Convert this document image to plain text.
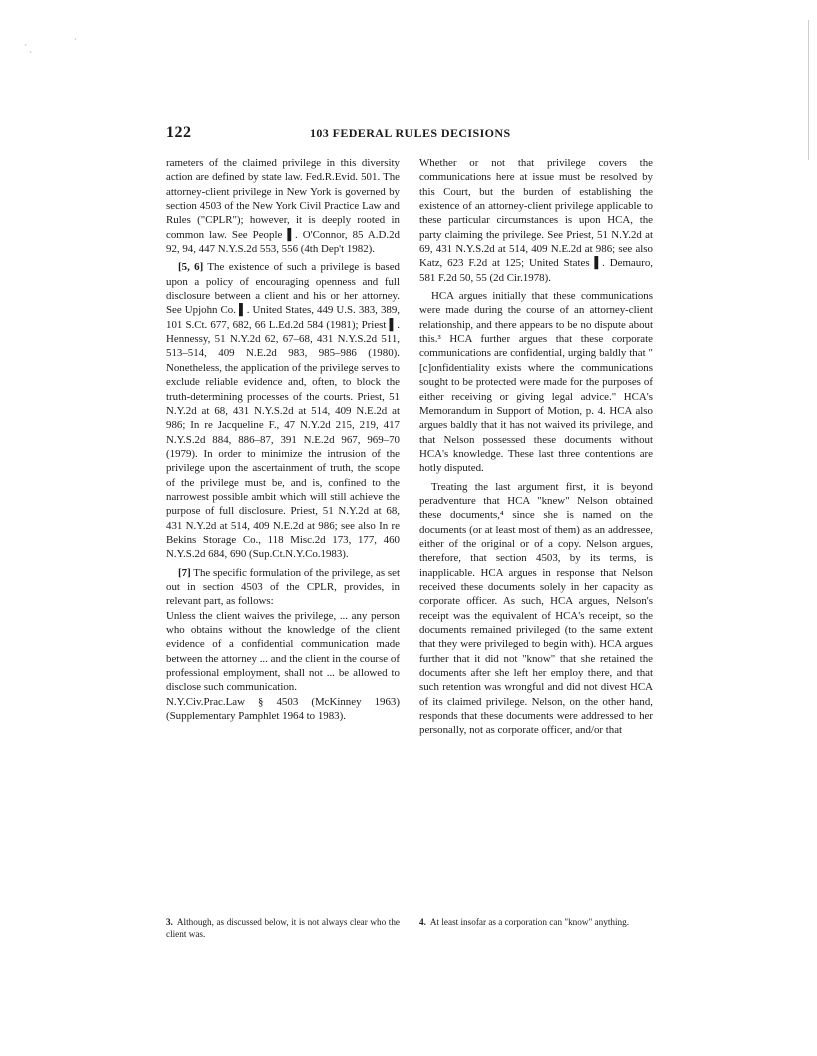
ˊ ˎ
ˊ
122	103 FEDERAL RULES DECISIONS

rameters of the claimed privilege in this diversity action are defined by state law. Fed.R.Evid. 501. The attorney-client privilege in New York is governed by section 4503 of the New York Civil Practice Law and Rules ("CPLR"); however, it is deeply rooted in common law. See People ▌. O'Connor, 85 A.D.2d 92, 94, 447 N.Y.S.2d 553, 556 (4th Dep't 1982).

[5, 6] The existence of such a privilege is based upon a policy of encouraging openness and full disclosure between a client and his or her attorney. See Upjohn Co. ▌. United States, 449 U.S. 383, 389, 101 S.Ct. 677, 682, 66 L.Ed.2d 584 (1981); Priest ▌. Hennessy, 51 N.Y.2d 62, 67–68, 431 N.Y.S.2d 511, 513–514, 409 N.E.2d 983, 985–986 (1980). Nonetheless, the application of the privilege serves to exclude reliable evidence and, often, to block the truth-determining processes of the courts. Priest, 51 N.Y.2d at 68, 431 N.Y.S.2d at 514, 409 N.E.2d at 986; In re Jacqueline F., 47 N.Y.2d 215, 219, 417 N.Y.S.2d 884, 886–87, 391 N.E.2d 967, 969–70 (1979). In order to minimize the intrusion of the privilege upon the ascertainment of truth, the scope of the privilege must be, and is, confined to the narrowest possible ambit which will still achieve the purpose of full disclosure. Priest, 51 N.Y.2d at 68, 431 N.Y.2d at 514, 409 N.E.2d at 986; see also In re Bekins Storage Co., 118 Misc.2d 173, 177, 460 N.Y.S.2d 684, 690 (Sup.Ct.N.Y.Co.1983).

[7] The specific formulation of the privilege, as set out in section 4503 of the CPLR, provides, in relevant part, as follows:

Unless the client waives the privilege, ... any person who obtains without the knowledge of the client evidence of a confidential communication made between the attorney ... and the client in the course of professional employment, shall not ... be allowed to disclose such communication.

N.Y.Civ.Prac.Law § 4503 (McKinney 1963) (Supplementary Pamphlet 1964 to 1983).

Whether or not that privilege covers the communications here at issue must be resolved by this Court, but the burden of establishing the existence of an attorney-client privilege applicable to these particular circumstances is upon HCA, the party claiming the privilege. See Priest, 51 N.Y.2d at 69, 431 N.Y.S.2d at 514, 409 N.E.2d at 986; see also Katz, 623 F.2d at 125; United States ▌. Demauro, 581 F.2d 50, 55 (2d Cir.1978).

HCA argues initially that these communications were made during the course of an attorney-client relationship, and there appears to be no dispute about this.³ HCA further argues that these corporate communications are confidential, urging baldly that "[c]onfidentiality exists where the communications sought to be protected were made for the purposes of either receiving or giving legal advice." HCA's Memorandum in Support of Motion, p. 4. HCA also argues baldly that it has not waived its privilege, and that Nelson possessed these documents without HCA's knowledge. These last three contentions are hotly disputed.

Treating the last argument first, it is beyond peradventure that HCA "knew" Nelson obtained these documents,⁴ since she is named on the documents (or at least most of them) as an addressee, either of the original or of a copy. Nelson argues, therefore, that section 4503, by its terms, is inapplicable. HCA argues in response that Nelson received these documents solely in her capacity as corporate officer. As such, HCA argues, Nelson's receipt was the equivalent of HCA's receipt, so the documents remained privileged (to the same extent that they were privileged to begin with). HCA argues further that it did not "know" that she retained the documents after she left her employ there, and that such retention was wrongful and did not divest HCA of its claimed privilege. Nelson, on the other hand, responds that these documents were addressed to her personally, not as corporate officer, and/or that

3. Although, as discussed below, it is not always clear who the client was.
4. At least insofar as a corporation can "know" anything.
